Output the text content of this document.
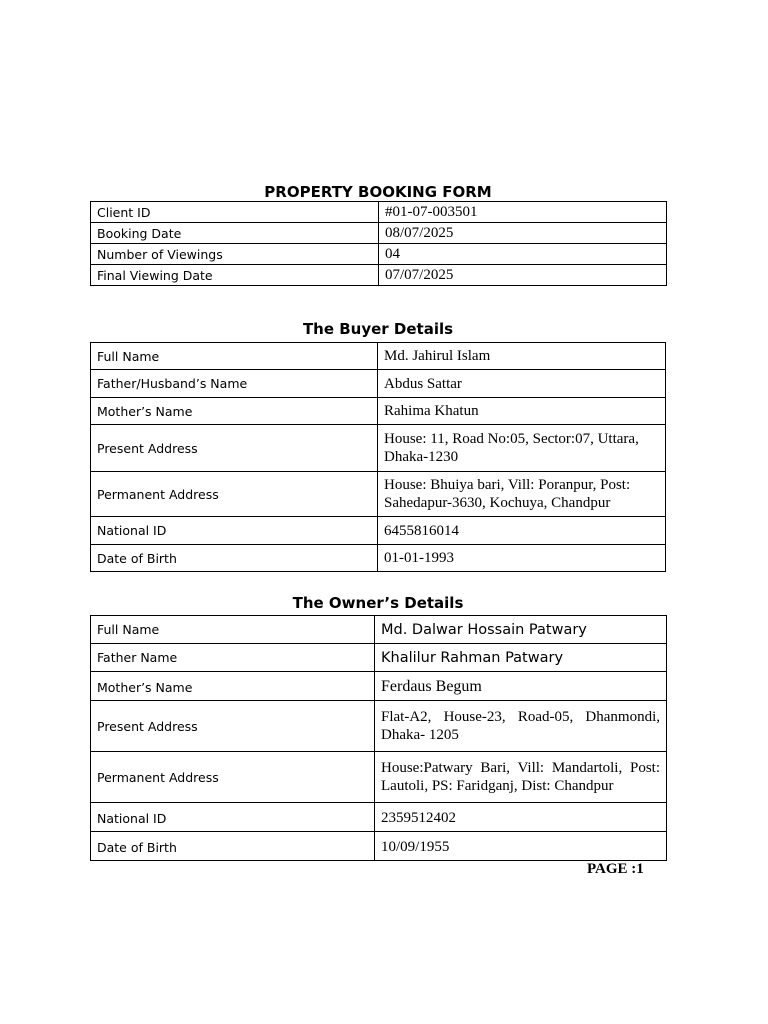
PROPERTY BOOKING FORM
Client ID	#01-07-003501
Booking Date	08/07/2025
Number of Viewings	04
Final Viewing Date	07/07/2025
The Buyer Details
Full Name	Md. Jahirul Islam
Father/Husband’s Name	Abdus Sattar
Mother’s Name	Rahima Khatun
Present Address	House: 11, Road No:05, Sector:07, Uttara, Dhaka-1230
Permanent Address	House: Bhuiya bari, Vill: Poranpur, Post: Sahedapur-3630, Kochuya, Chandpur
National ID	6455816014
Date of Birth	01-01-1993
The Owner’s Details
Full Name	Md. Dalwar Hossain Patwary
Father Name	Khalilur Rahman Patwary
Mother’s Name	Ferdaus Begum
Present Address	Flat-A2, House-23, Road-05, Dhanmondi, Dhaka- 1205
Permanent Address	House:Patwary Bari, Vill: Mandartoli, Post: Lautoli, PS: Faridganj, Dist: Chandpur
National ID	2359512402
Date of Birth	10/09/1955
PAGE :1
